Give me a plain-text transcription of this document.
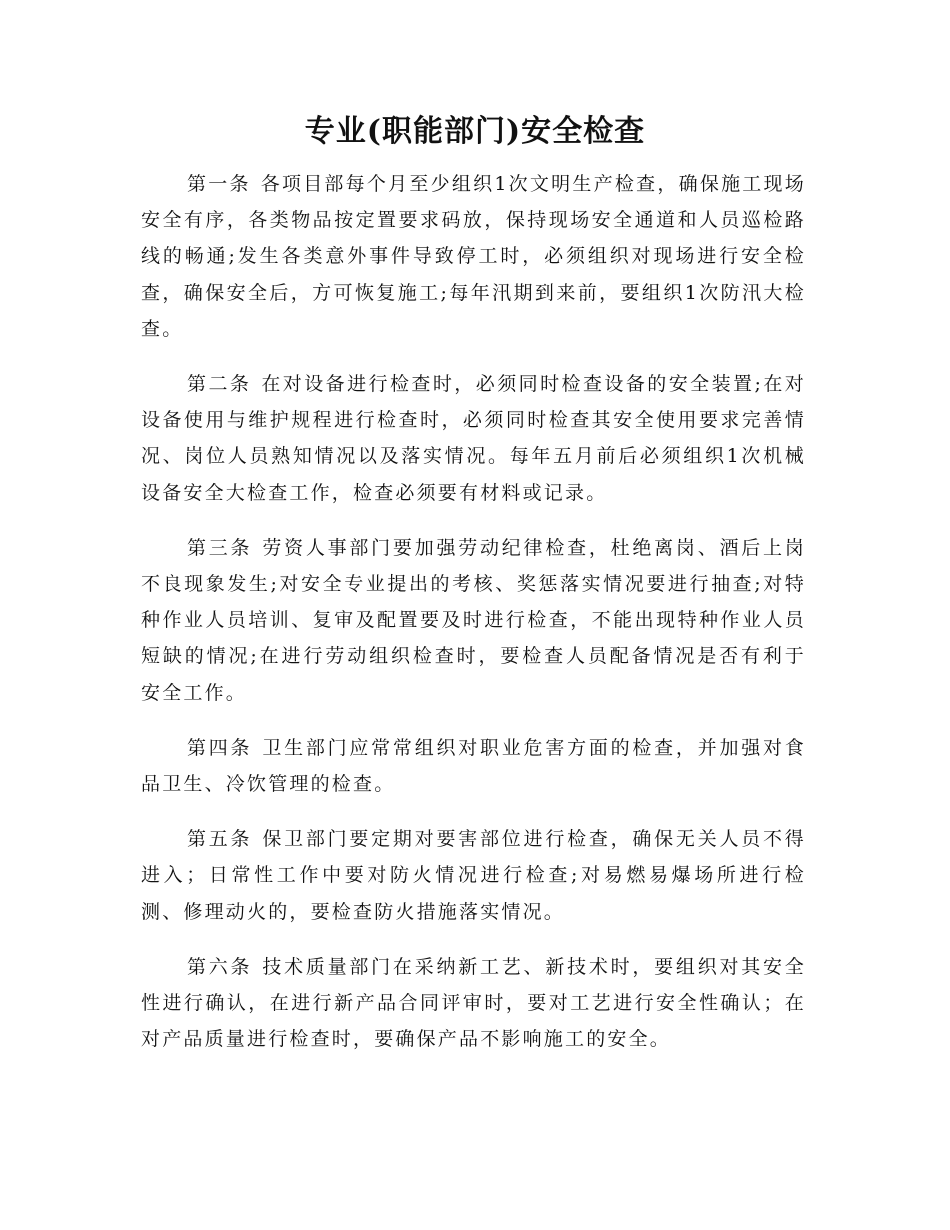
专业(职能部门)安全检查

第一条 各项目部每个月至少组织1次文明生产检查，确保施工现场安全有序，各类物品按定置要求码放，保持现场安全通道和人员巡检路线的畅通;发生各类意外事件导致停工时，必须组织对现场进行安全检查，确保安全后，方可恢复施工;每年汛期到来前，要组织1次防汛大检查。

第二条 在对设备进行检查时，必须同时检查设备的安全装置;在对设备使用与维护规程进行检查时，必须同时检查其安全使用要求完善情况、岗位人员熟知情况以及落实情况。每年五月前后必须组织1次机械设备安全大检查工作，检查必须要有材料或记录。

第三条 劳资人事部门要加强劳动纪律检查，杜绝离岗、酒后上岗不良现象发生;对安全专业提出的考核、奖惩落实情况要进行抽查;对特种作业人员培训、复审及配置要及时进行检查，不能出现特种作业人员短缺的情况;在进行劳动组织检查时，要检查人员配备情况是否有利于安全工作。

第四条 卫生部门应常常组织对职业危害方面的检查，并加强对食品卫生、冷饮管理的检查。

第五条 保卫部门要定期对要害部位进行检查，确保无关人员不得进入；日常性工作中要对防火情况进行检查;对易燃易爆场所进行检测、修理动火的，要检查防火措施落实情况。

第六条 技术质量部门在采纳新工艺、新技术时，要组织对其安全性进行确认，在进行新产品合同评审时，要对工艺进行安全性确认；在对产品质量进行检查时，要确保产品不影响施工的安全。
